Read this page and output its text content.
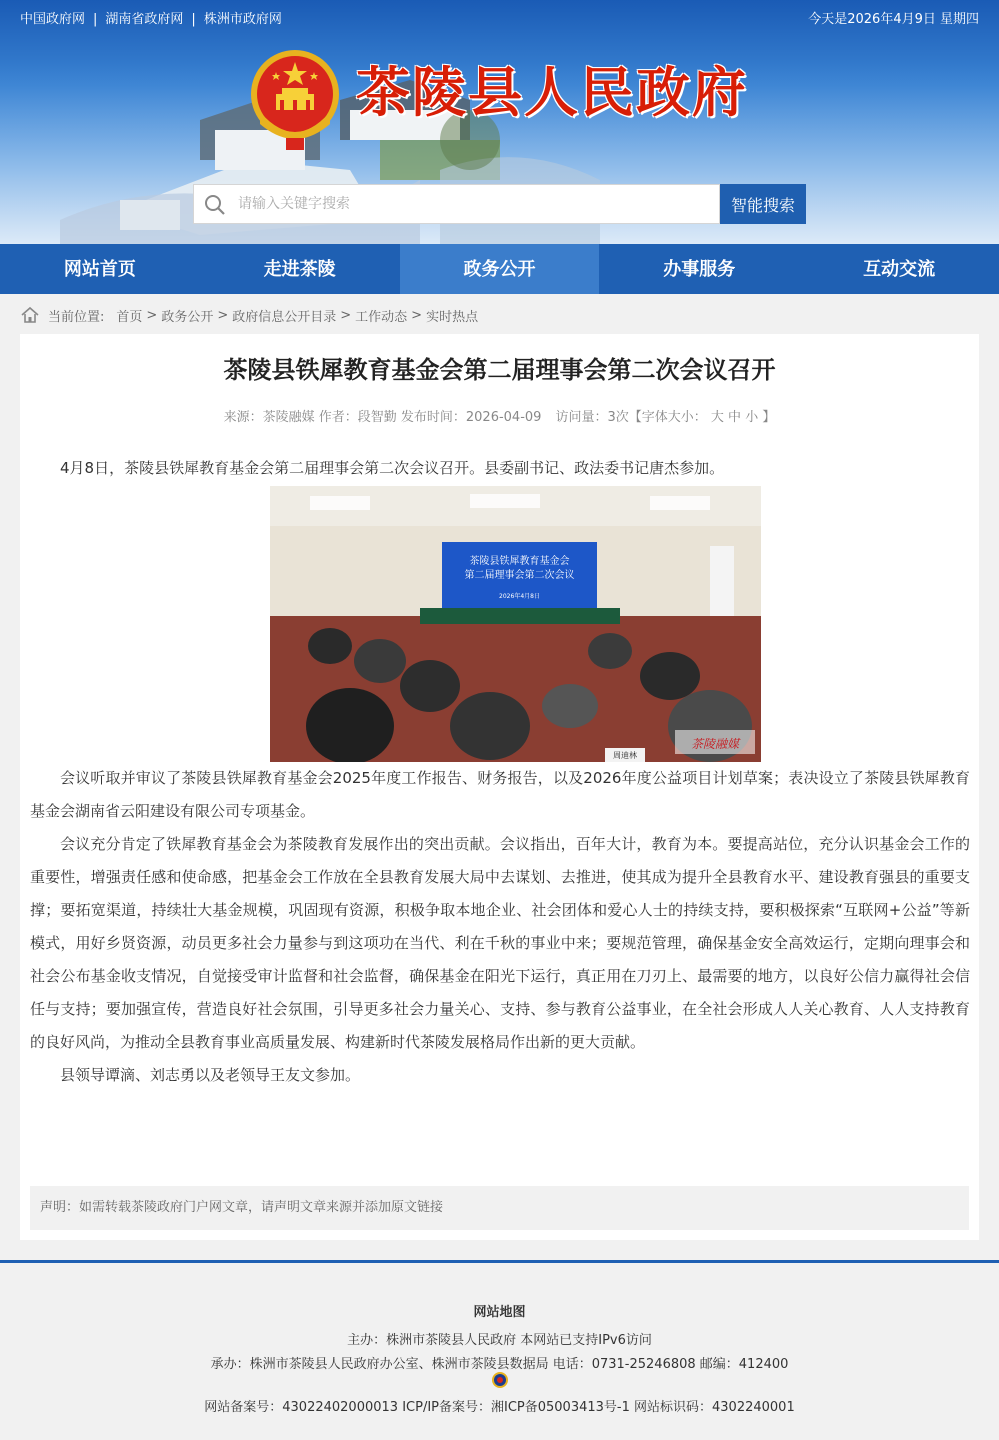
中国政府网 | 湖南省政府网 | 株洲市政府网	今天是2026年4月9日 星期四
茶陵县人民政府
请输入关键字搜索
智能搜索
网站首页	走进茶陵	政务公开	办事服务	互动交流
当前位置: 首页 > 政务公开 > 政府信息公开目录 > 工作动态 > 实时热点
茶陵县铁犀教育基金会第二届理事会第二次会议召开
来源：茶陵融媒 作者：段智勤 发布时间：2026-04-09 访问量：3次【字体大小： 大 中 小 】

4月8日，茶陵县铁犀教育基金会第二届理事会第二次会议召开。县委副书记、政法委书记唐杰参加。

茶陵县铁犀教育基金会
第二届理事会第二次会议
2026年4月8日
周迪林
茶陵融媒

会议听取并审议了茶陵县铁犀教育基金会2025年度工作报告、财务报告，以及2026年度公益项目计划草案；表决设立了茶陵县铁犀教育基金会湖南省云阳建设有限公司专项基金。

会议充分肯定了铁犀教育基金会为茶陵教育发展作出的突出贡献。会议指出，百年大计，教育为本。要提高站位，充分认识基金会工作的重要性，增强责任感和使命感，把基金会工作放在全县教育发展大局中去谋划、去推进，使其成为提升全县教育水平、建设教育强县的重要支撑；要拓宽渠道，持续壮大基金规模，巩固现有资源，积极争取本地企业、社会团体和爱心人士的持续支持，要积极探索“互联网+公益”等新模式，用好乡贤资源，动员更多社会力量参与到这项功在当代、利在千秋的事业中来；要规范管理，确保基金安全高效运行，定期向理事会和社会公布基金收支情况，自觉接受审计监督和社会监督，确保基金在阳光下运行，真正用在刀刃上、最需要的地方，以良好公信力赢得社会信任与支持；要加强宣传，营造良好社会氛围，引导更多社会力量关心、支持、参与教育公益事业，在全社会形成人人关心教育、人人支持教育的良好风尚，为推动全县教育事业高质量发展、构建新时代茶陵发展格局作出新的更大贡献。

县领导谭滴、刘志勇以及老领导王友文参加。

声明：如需转载茶陵政府门户网文章，请声明文章来源并添加原文链接
网站地图
主办：株洲市茶陵县人民政府 本网站已支持IPv6访问
承办：株洲市茶陵县人民政府办公室、株洲市茶陵县数据局 电话：0731-25246808 邮编：412400
网站备案号：43022402000013 ICP/IP备案号：湘ICP备05003413号-1 网站标识码：4302240001
